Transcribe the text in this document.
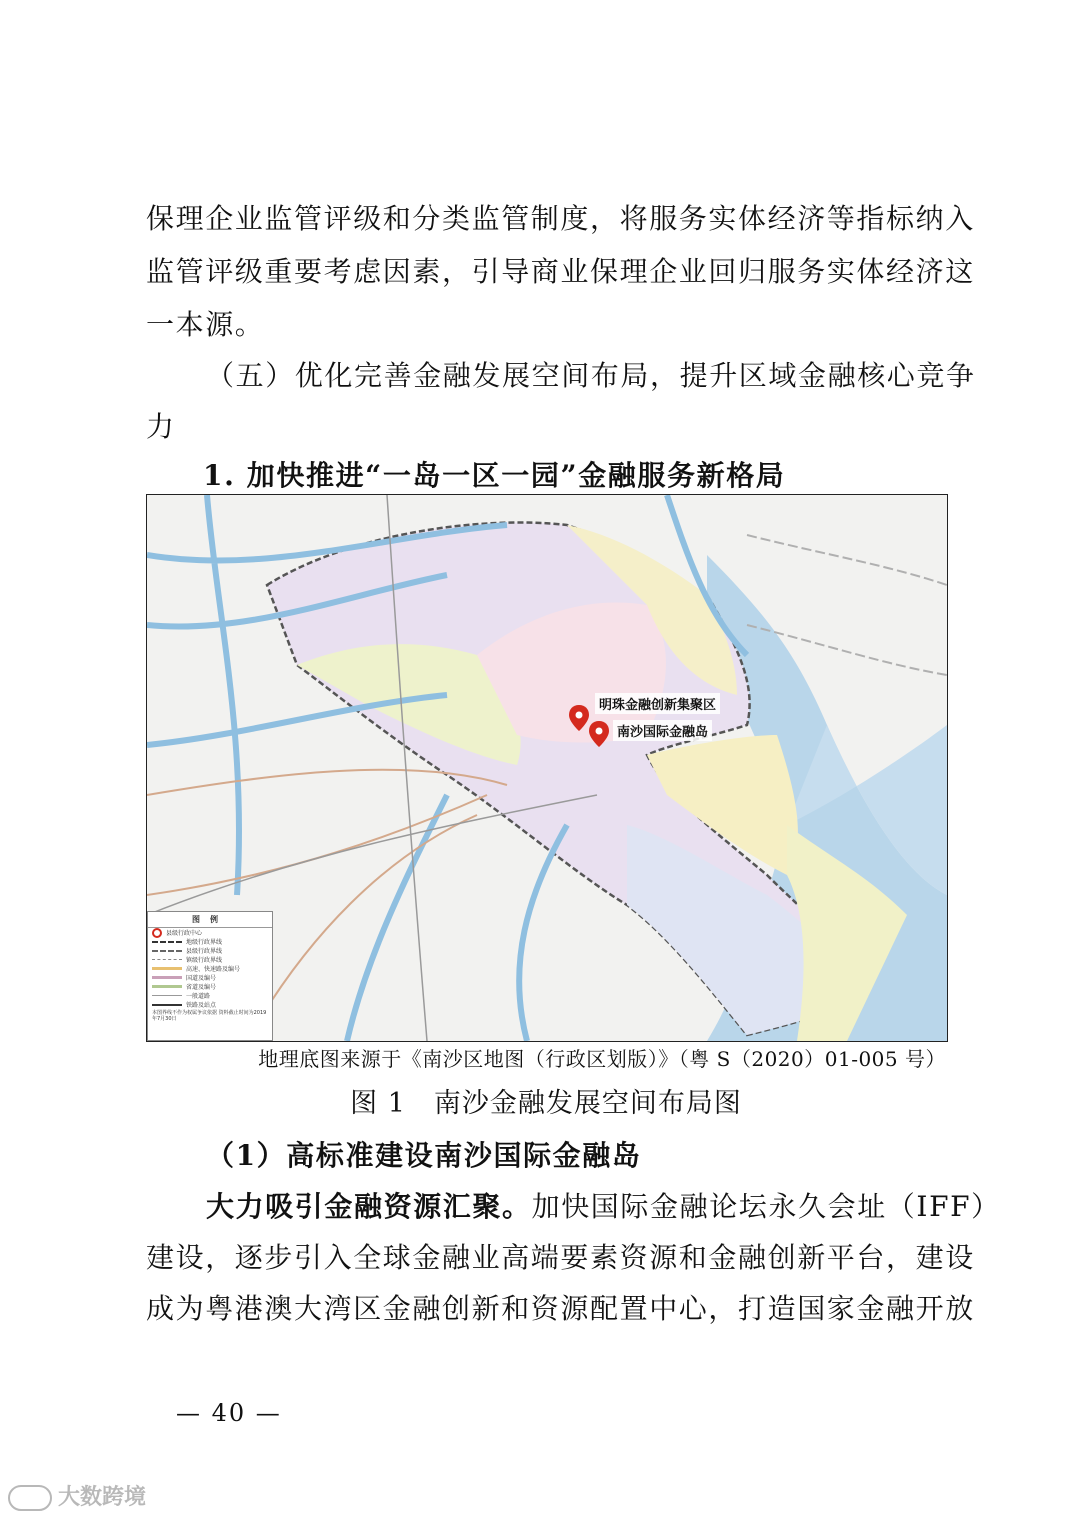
保理企业监管评级和分类监管制度，将服务实体经济等指标纳入
监管评级重要考虑因素，引导商业保理企业回归服务实体经济这
一本源。
（五）优化完善金融发展空间布局，提升区域金融核心竞争
力
1. 加快推进“一岛一区一园”金融服务新格局
明珠金融创新集聚区
南沙国际金融岛
图例
县级行政中心
地级行政界线
县级行政界线
镇级行政界线
高速、快速路及编号
国道及编号
省道及编号
一般道路
铁路及站点
本图界线不作为权属争议依据 资料截止时间为2019年7月30日
地理底图来源于《南沙区地图（行政区划版）》（粤 S（2020）01-005 号）
图 1　南沙金融发展空间布局图
（1）高标准建设南沙国际金融岛
大力吸引金融资源汇聚。加快国际金融论坛永久会址（IFF）
建设，逐步引入全球金融业高端要素资源和金融创新平台，建设
成为粤港澳大湾区金融创新和资源配置中心，打造国家金融开放
— 40 —
大数跨境
